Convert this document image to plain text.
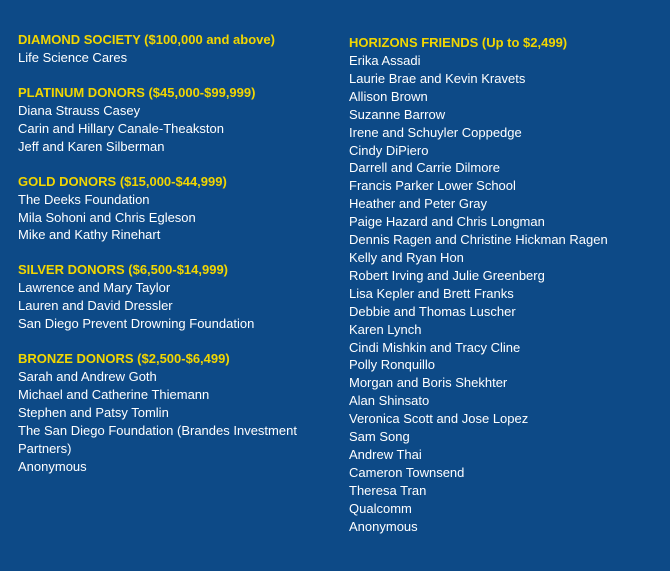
DIAMOND SOCIETY ($100,000 and above)
Life Science Cares
PLATINUM DONORS ($45,000-$99,999)
Diana Strauss Casey
Carin and Hillary Canale-Theakston
Jeff and Karen Silberman
GOLD DONORS ($15,000-$44,999)
The Deeks Foundation
Mila Sohoni and Chris Egleson
Mike and Kathy Rinehart
SILVER DONORS ($6,500-$14,999)
Lawrence and Mary Taylor
Lauren and David Dressler
San Diego Prevent Drowning Foundation
BRONZE DONORS ($2,500-$6,499)
Sarah and Andrew Goth
Michael and Catherine Thiemann
Stephen and Patsy Tomlin
The San Diego Foundation (Brandes Investment Partners)
Anonymous
HORIZONS FRIENDS (Up to $2,499)
Erika Assadi
Laurie Brae and Kevin Kravets
Allison Brown
Suzanne Barrow
Irene and Schuyler Coppedge
Cindy DiPiero
Darrell and Carrie Dilmore
Francis Parker Lower School
Heather and Peter Gray
Paige Hazard and Chris Longman
Dennis Ragen and Christine Hickman Ragen
Kelly and Ryan Hon
Robert Irving and Julie Greenberg
Lisa Kepler and Brett Franks
Debbie and Thomas Luscher
Karen Lynch
Cindi Mishkin and Tracy Cline
Polly Ronquillo
Morgan and Boris Shekhter
Alan Shinsato
Veronica Scott and Jose Lopez
Sam Song
Andrew Thai
Cameron Townsend
Theresa Tran
Qualcomm
Anonymous
